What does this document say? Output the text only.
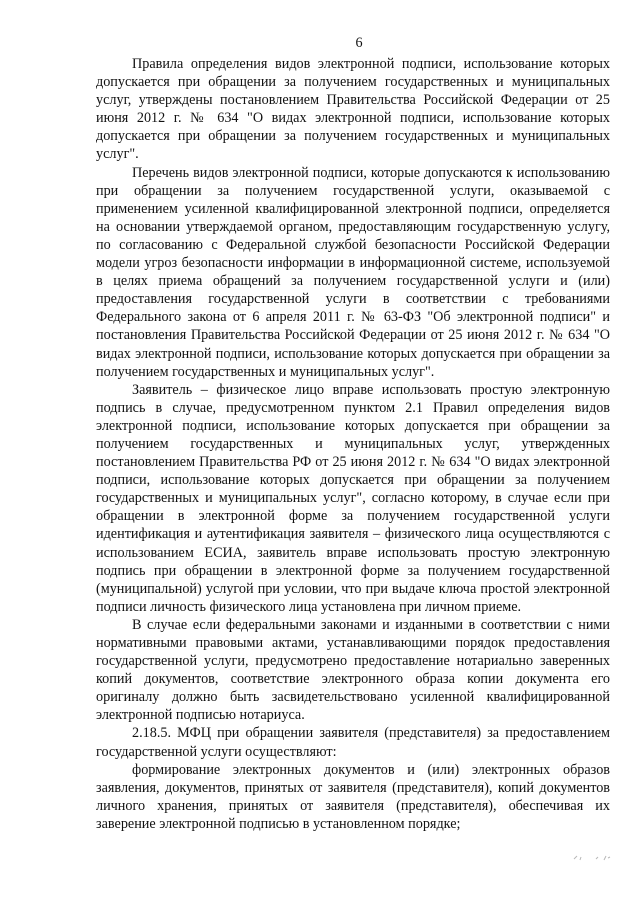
6

Правила определения видов электронной подписи, использование которых допускается при обращении за получением государственных и муниципальных услуг, утверждены постановлением Правительства Российской Федерации от 25 июня 2012 г. № 634 "О видах электронной подписи, использование которых допускается при обращении за получением государственных и муниципальных услуг".

Перечень видов электронной подписи, которые допускаются к использованию при обращении за получением государственной услуги, оказываемой с применением усиленной квалифицированной электронной подписи, определяется на основании утверждаемой органом, предоставляющим государственную услугу, по согласованию с Федеральной службой безопасности Российской Федерации модели угроз безопасности информации в информационной системе, используемой в целях приема обращений за получением государственной услуги и (или) предоставления государственной услуги в соответствии с требованиями Федерального закона от 6 апреля 2011 г. № 63-ФЗ "Об электронной подписи" и постановления Правительства Российской Федерации от 25 июня 2012 г. № 634 "О видах электронной подписи, использование которых допускается при обращении за получением государственных и муниципальных услуг".

Заявитель – физическое лицо вправе использовать простую электронную подпись в случае, предусмотренном пунктом 2.1 Правил определения видов электронной подписи, использование которых допускается при обращении за получением государственных и муниципальных услуг, утвержденных постановлением Правительства РФ от 25 июня 2012 г. № 634 "О видах электронной подписи, использование которых допускается при обращении за получением государственных и муниципальных услуг", согласно которому, в случае если при обращении в электронной форме за получением государственной услуги идентификация и аутентификация заявителя – физического лица осуществляются с использованием ЕСИА, заявитель вправе использовать простую электронную подпись при обращении в электронной форме за получением государственной (муниципальной) услугой при условии, что при выдаче ключа простой электронной подписи личность физического лица установлена при личном приеме.

В случае если федеральными законами и изданными в соответствии с ними нормативными правовыми актами, устанавливающими порядок предоставления государственной услуги, предусмотрено предоставление нотариально заверенных копий документов, соответствие электронного образа копии документа его оригиналу должно быть засвидетельствовано усиленной квалифицированной электронной подписью нотариуса.

2.18.5. МФЦ при обращении заявителя (представителя) за предоставлением государственной услуги осуществляют:

формирование электронных документов и (или) электронных образов заявления, документов, принятых от заявителя (представителя), копий документов личного хранения, принятых от заявителя (представителя), обеспечивая их заверение электронной подписью в установленном порядке;
